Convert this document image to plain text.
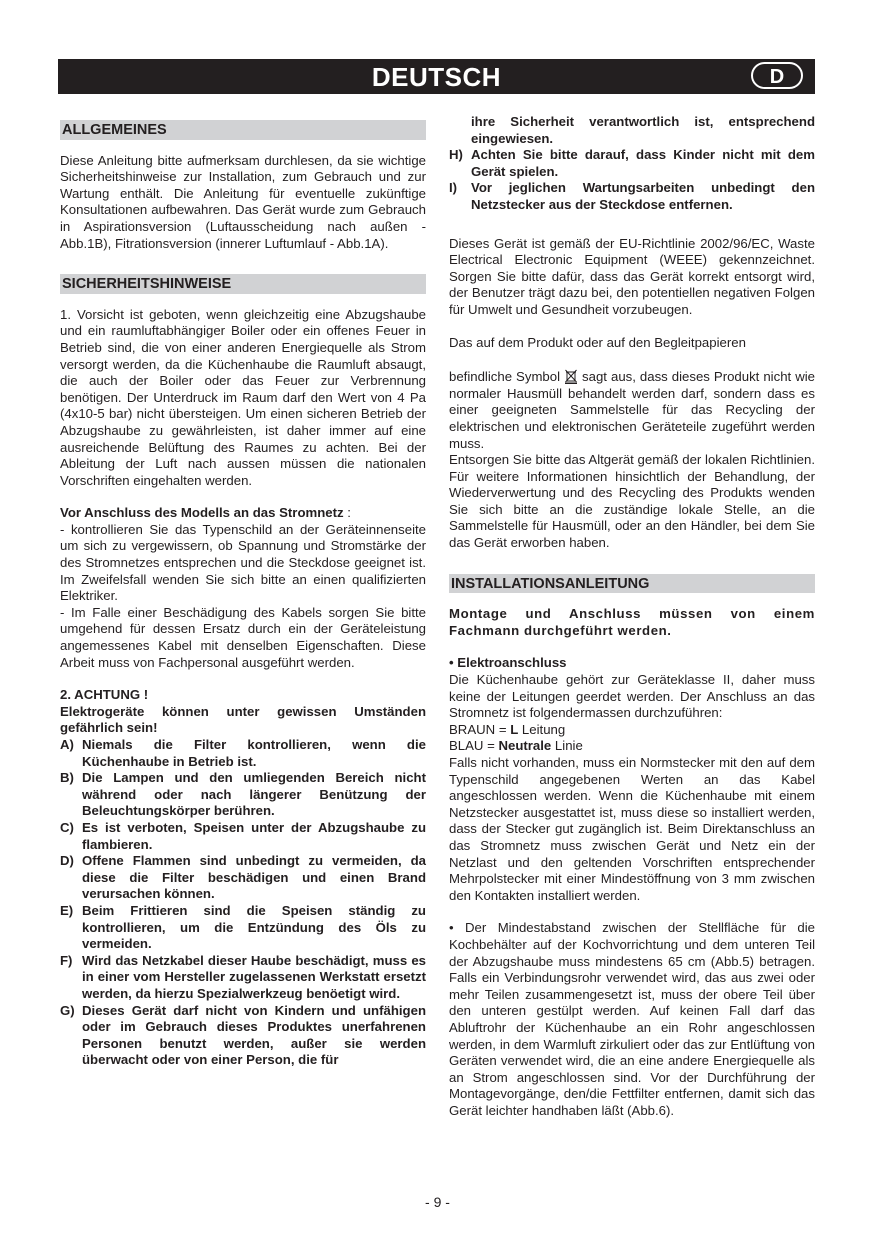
DEUTSCH	D
ALLGEMEINES

Diese Anleitung bitte aufmerksam durchlesen, da sie wichtige Sicherheitshinweise zur Installation, zum Gebrauch und zur Wartung enthält. Die Anleitung für eventuelle zukünftige Konsultationen aufbewahren. Das Gerät wurde zum Gebrauch in Aspirationsversion (Luftausscheidung nach außen - Abb.1B), Fitrationsversion (innerer Luftumlauf - Abb.1A).

SICHERHEITSHINWEISE

1. Vorsicht ist geboten, wenn gleichzeitig eine Abzugshaube und ein raumluftabhängiger Boiler oder ein offenes Feuer in Betrieb sind, die von einer anderen Energiequelle als Strom versorgt werden, da die Küchenhaube die Raumluft absaugt, die auch der Boiler oder das Feuer zur Verbrennung benötigen. Der Unterdruck im Raum darf den Wert von 4 Pa (4x10-5 bar) nicht übersteigen. Um einen sicheren Betrieb der Abzugshaube zu gewährleisten, ist daher immer auf eine ausreichende Belüftung des Raumes zu achten. Bei der Ableitung der Luft nach aussen müssen die nationalen Vorschriften eingehalten werden.

Vor Anschluss des Modells an das Stromnetz :

- kontrollieren Sie das Typenschild an der Geräteinnenseite um sich zu vergewissern, ob Spannung und Stromstärke der des Stromnetzes entsprechen und die Steckdose geeignet ist. Im Zweifelsfall wenden Sie sich bitte an einen qualifizierten Elektriker.

- Im Falle einer Beschädigung des Kabels sorgen Sie bitte umgehend für dessen Ersatz durch ein der Geräteleistung angemessenes Kabel mit denselben Eigenschaften. Diese Arbeit muss von Fachpersonal ausgeführt werden.

2. ACHTUNG !

Elektrogeräte können unter gewissen Umständen gefährlich sein!

A) Niemals die Filter kontrollieren, wenn die Küchenhaube in Betrieb ist.
B) Die Lampen und den umliegenden Bereich nicht während oder nach längerer Benützung der Beleuchtungskörper berühren.
C) Es ist verboten, Speisen unter der Abzugshaube zu flambieren.
D) Offene Flammen sind unbedingt zu vermeiden, da diese die Filter beschädigen und einen Brand verursachen können.
E) Beim Frittieren sind die Speisen ständig zu kontrollieren, um die Entzündung des Öls zu vermeiden.
F) Wird das Netzkabel dieser Haube beschädigt, muss es in einer vom Hersteller zugelassenen Werkstatt ersetzt werden, da hierzu Spezialwerkzeug benöetigt wird.
G) Dieses Gerät darf nicht von Kindern und unfähigen oder im Gebrauch dieses Produktes unerfahrenen Personen benutzt werden, außer sie werden überwacht oder von einer Person, die für

ihre Sicherheit verantwortlich ist, entsprechend eingewiesen.

H) Achten Sie bitte darauf, dass Kinder nicht mit dem Gerät spielen.
I)	Vor jeglichen Wartungsarbeiten unbedingt den Netzstecker aus der Steckdose entfernen.

Dieses Gerät ist gemäß der EU-Richtlinie 2002/96/EC, Waste Electrical Electronic Equipment (WEEE) gekennzeichnet. Sorgen Sie bitte dafür, dass das Gerät korrekt entsorgt wird, der Benutzer trägt dazu bei, den potentiellen negativen Folgen für Umwelt und Gesundheit vorzubeugen.

Das auf dem Produkt oder auf den Begleitpapieren

befindliche Symbol sagt aus, dass dieses Produkt nicht wie normaler Hausmüll behandelt werden darf, sondern dass es einer geeigneten Sammelstelle für das Recycling der elektrischen und elektronischen Geräteteile zugeführt werden muss.

Entsorgen Sie bitte das Altgerät gemäß der lokalen Richtlinien. Für weitere Informationen hinsichtlich der Behandlung, der Wiederverwertung und des Recycling des Produkts wenden Sie sich bitte an die zuständige lokale Stelle, an die Sammelstelle für Hausmüll, oder an den Händler, bei dem Sie das Gerät erworben haben.

INSTALLATIONSANLEITUNG

Montage und Anschluss müssen von einem Fachmann durchgeführt werden.

• Elektroanschluss

Die Küchenhaube gehört zur Geräteklasse II, daher muss keine der Leitungen geerdet werden. Der Anschluss an das Stromnetz ist folgendermassen durchzuführen:

BRAUN = L Leitung

BLAU = Neutrale Linie

Falls nicht vorhanden, muss ein Normstecker mit den auf dem Typenschild angegebenen Werten an das Kabel angeschlossen werden. Wenn die Küchenhaube mit einem Netzstecker ausgestattet ist, muss diese so installiert werden, dass der Stecker gut zugänglich ist. Beim Direktanschluss an das Stromnetz muss zwischen Gerät und Netz ein der Netzlast und den geltenden Vorschriften entsprechender Mehrpolstecker mit einer Mindestöffnung von 3 mm zwischen den Kontakten installiert werden.

• Der Mindestabstand zwischen der Stellfläche für die Kochbehälter auf der Kochvorrichtung und dem unteren Teil der Abzugshaube muss mindestens 65 cm (Abb.5) betragen. Falls ein Verbindungsrohr verwendet wird, das aus zwei oder mehr Teilen zusammengesetzt ist, muss der obere Teil über den unteren gestülpt werden. Auf keinen Fall darf das Abluftrohr der Küchenhaube an ein Rohr angeschlossen werden, in dem Warmluft zirkuliert oder das zur Entlüftung von Geräten verwendet wird, die an eine andere Energiequelle als an Strom angeschlossen sind. Vor der Durchführung der Montagevorgänge, den/die Fettfilter entfernen, damit sich das Gerät leichter handhaben läßt (Abb.6).

- 9 -
